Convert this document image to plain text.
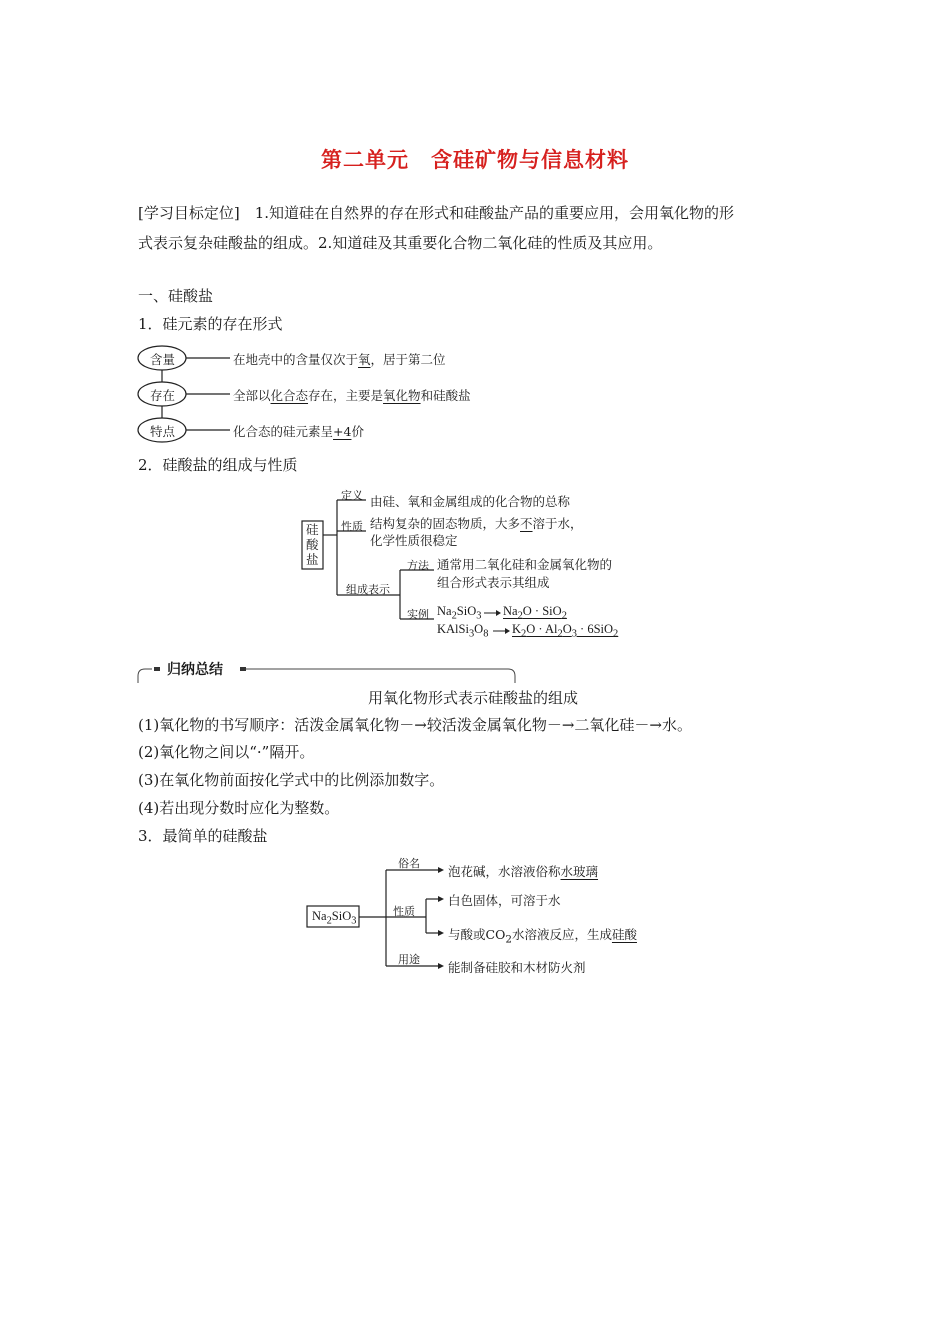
第二单元　含硅矿物与信息材料
[学习目标定位]　 1.知道硅在自然界的存在形式和硅酸盐产品的重要应用，会用氧化物的形
式表示复杂硅酸盐的组成。2.知道硅及其重要化合物二氧化硅的性质及其应用。
一、硅酸盐
1．硅元素的存在形式
含量
存在
特点
在地壳中的含量仅次于氧，居于第二位
全部以化合态存在，主要是氧化物和硅酸盐
化合态的硅元素呈+4价
2．硅酸盐的组成与性质
硅酸盐
定义 由硅、氧和金属组成的化合物的总称
性质 结构复杂的固态物质，大多不溶于水，
化学性质很稳定
组成表示
方法 通常用二氧化硅和金属氧化物的
组合形式表示其组成
实例 $Na_2SiO_3$ $Na_2O \cdot SiO_2$
$KAlSi_3O_8$ $K_2O \cdot Al_2O_3 \cdot 6SiO_2$
归纳总结
用氧化物形式表示硅酸盐的组成
(1)氧化物的书写顺序：活泼金属氧化物－→较活泼金属氧化物－→二氧化硅－→水。
(2)氧化物之间以“·”隔开。
(3)在氧化物前面按化学式中的比例添加数字。
(4)若出现分数时应化为整数。
3．最简单的硅酸盐
$Na_2SiO_3$
俗名
泡花碱，水溶液俗称水玻璃
性质
白色固体，可溶于水
与酸或$CO_2$水溶液反应，生成硅酸
用途
能制备硅胶和木材防火剂
